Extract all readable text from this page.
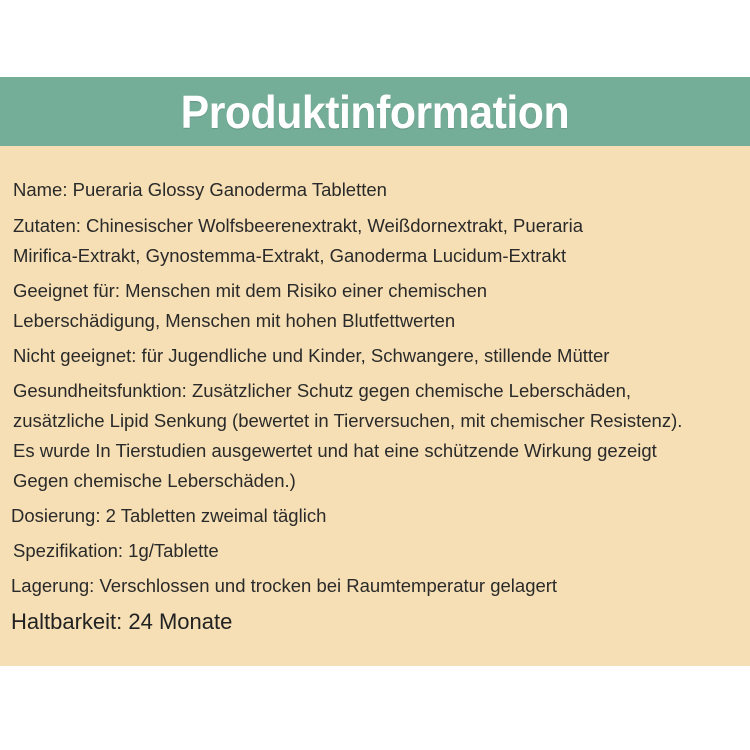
Produktinformation
Name: Pueraria Glossy Ganoderma Tabletten
Zutaten: Chinesischer Wolfsbeerenextrakt, Weißdornextrakt, Pueraria
Mirifica-Extrakt, Gynostemma-Extrakt, Ganoderma Lucidum-Extrakt
Geeignet für: Menschen mit dem Risiko einer chemischen
Leberschädigung, Menschen mit hohen Blutfettwerten
Nicht geeignet: für Jugendliche und Kinder, Schwangere, stillende Mütter
Gesundheitsfunktion: Zusätzlicher Schutz gegen chemische Leberschäden,
zusätzliche Lipid Senkung (bewertet in Tierversuchen, mit chemischer Resistenz).
Es wurde In Tierstudien ausgewertet und hat eine schützende Wirkung gezeigt
Gegen chemische Leberschäden.)
Dosierung: 2 Tabletten zweimal täglich
Spezifikation: 1g/Tablette
Lagerung: Verschlossen und trocken bei Raumtemperatur gelagert
Haltbarkeit: 24 Monate
